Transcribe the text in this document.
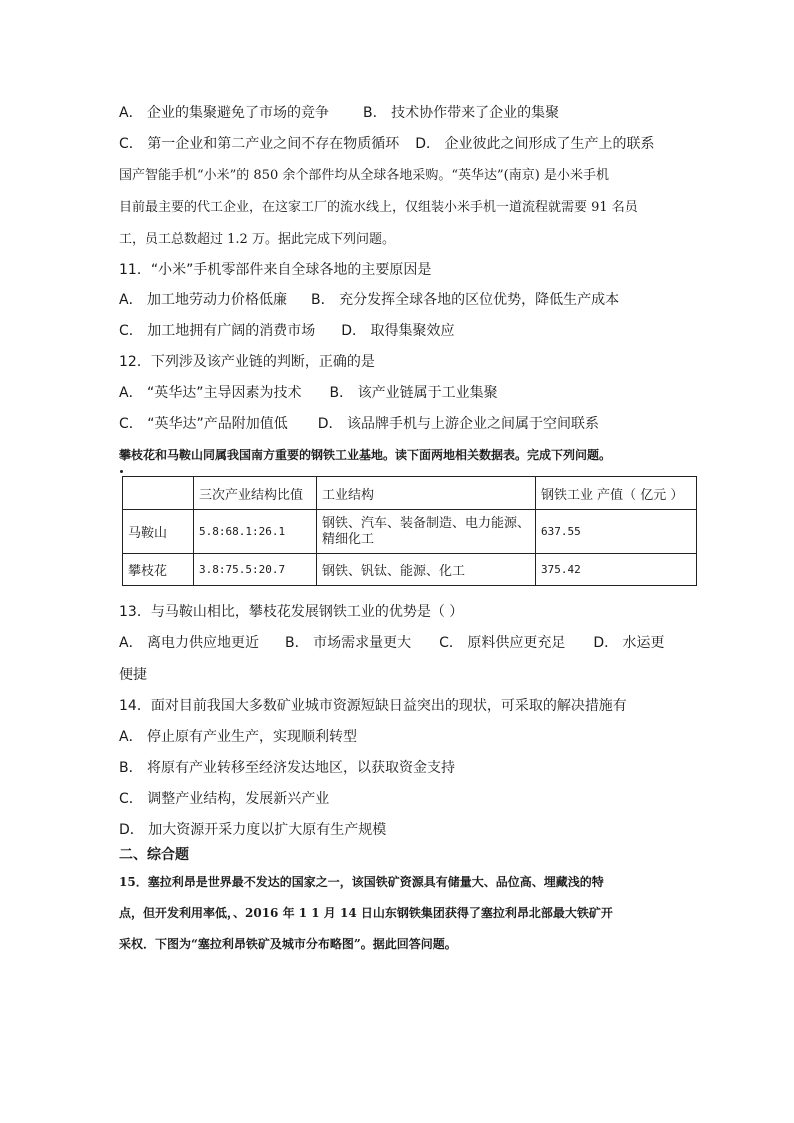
A． 企业的集聚避免了市场的竞争 B． 技术协作带来了企业的集聚
C． 第一企业和第二产业之间不存在物质循环 D． 企业彼此之间形成了生产上的联系
国产智能手机“小米”的 850 余个部件均从全球各地采购。“英华达”(南京) 是小米手机
目前最主要的代工企业，在这家工厂的流水线上，仅组装小米手机一道流程就需要 91 名员
工，员工总数超过 1.2 万。据此完成下列问题。
11．“小米”手机零部件来自全球各地的主要原因是
A． 加工地劳动力价格低廉 B． 充分发挥全球各地的区位优势，降低生产成本
C． 加工地拥有广阔的消费市场 D． 取得集聚效应
12．下列涉及该产业链的判断，正确的是
A． “英华达”主导因素为技术 B． 该产业链属于工业集聚
C． “英华达”产品附加值低 D． 该品牌手机与上游企业之间属于空间联系
攀枝花和马鞍山同属我国南方重要的钢铁工业基地。读下面两地相关数据表。完成下列问题。
	三次产业结构比值	工业结构	钢铁工业 产值（ 亿元 ）
马鞍山	5.8:68.1:26.1	钢铁、汽车、装备制造、电力能源、精细化工	637.55
攀枝花	3.8:75.5:20.7	钢铁、钒钛、能源、化工	375.42
13．与马鞍山相比，攀枝花发展钢铁工业的优势是（ ）
A． 离电力供应地更近 B． 市场需求量更大 C． 原料供应更充足 D． 水运更
便捷
14．面对目前我国大多数矿业城市资源短缺日益突出的现状，可采取的解决措施有
A． 停止原有产业生产，实现顺利转型
B． 将原有产业转移至经济发达地区，以获取资金支持
C． 调整产业结构，发展新兴产业
D． 加大资源开采力度以扩大原有生产规模
二、综合题
15．塞拉利昂是世界最不发达的国家之一，该国铁矿资源具有储量大、品位高、埋藏浅的特
点，但开发利用率低，、2016 年 1 1 月 14 日山东钢铁集团获得了塞拉利昂北部最大铁矿开
采权．下图为“塞拉利昂铁矿及城市分布略图”。据此回答问题。
